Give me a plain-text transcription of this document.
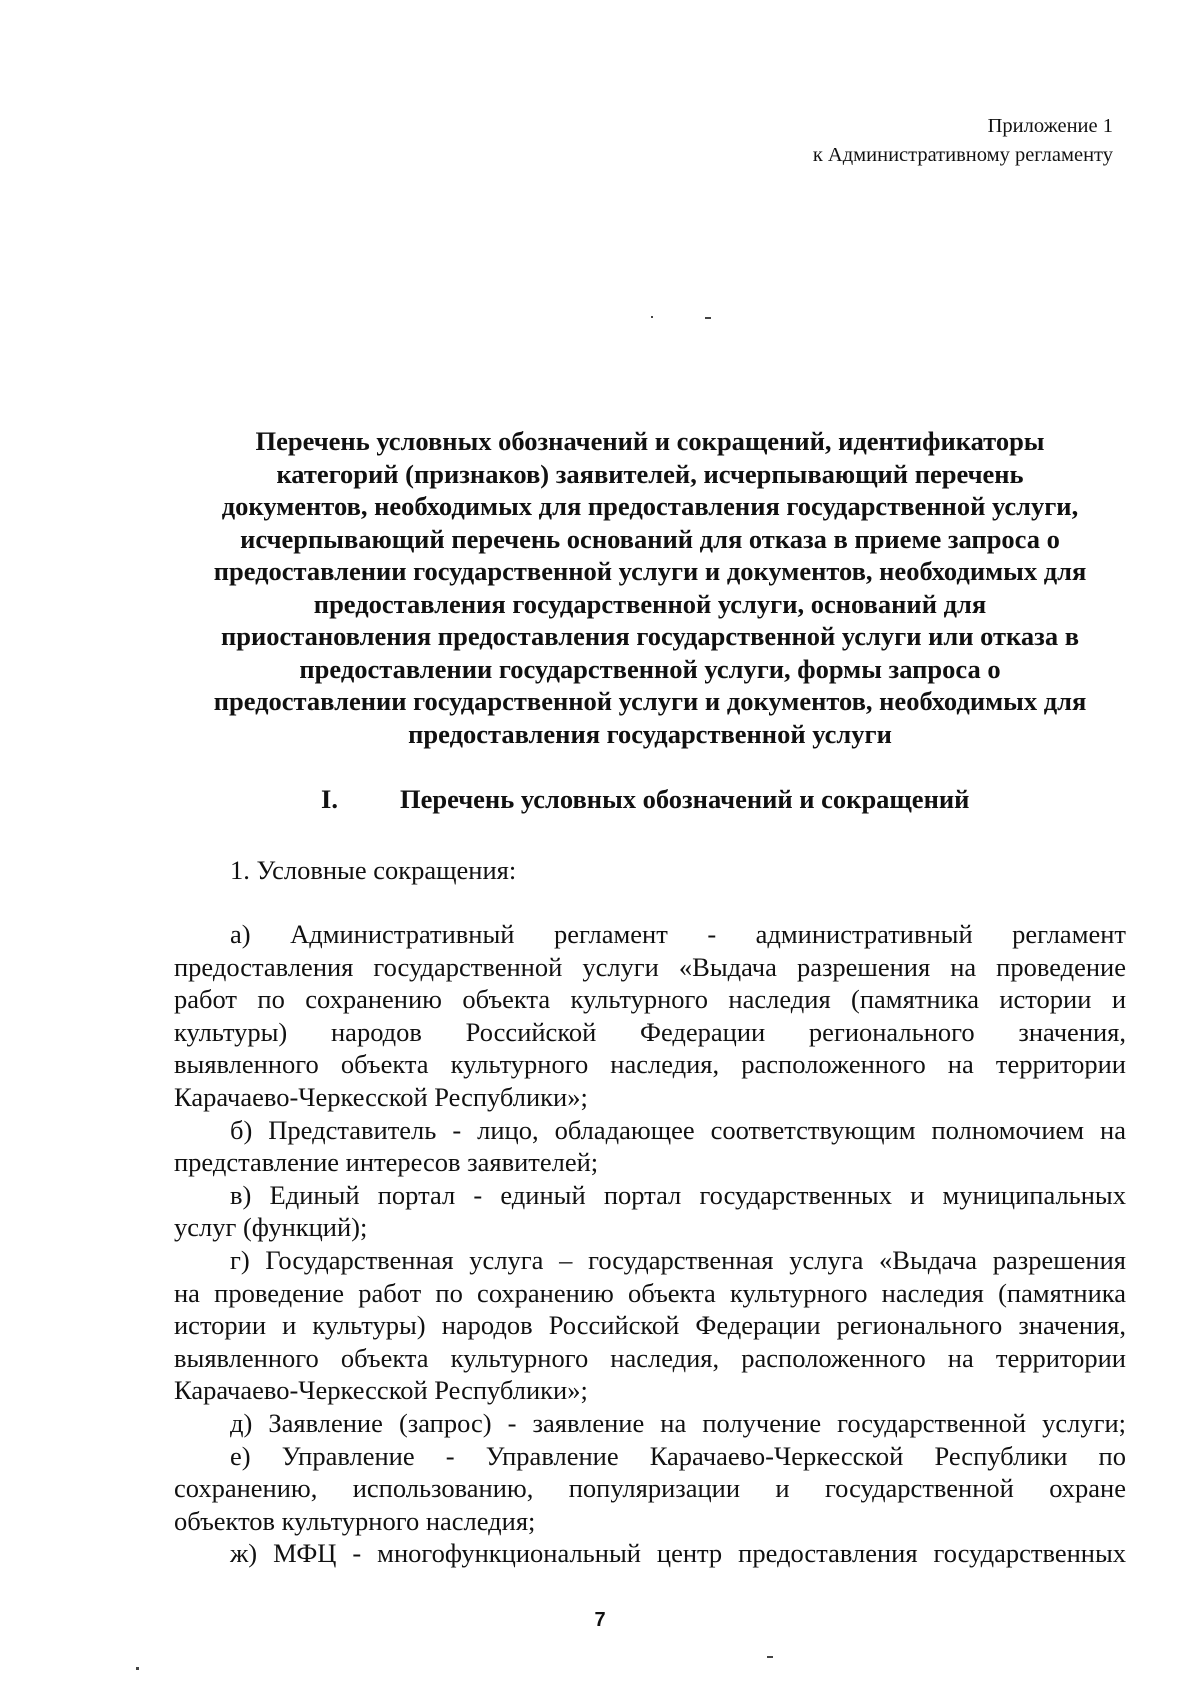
Приложение 1
к Административному регламенту
Перечень условных обозначений и сокращений, идентификаторы
категорий (признаков) заявителей, исчерпывающий перечень
документов, необходимых для предоставления государственной услуги,
исчерпывающий перечень оснований для отказа в приеме запроса о
предоставлении государственной услуги и документов, необходимых для
предоставления государственной услуги, оснований для
приостановления предоставления государственной услуги или отказа в
предоставлении государственной услуги, формы запроса о
предоставлении государственной услуги и документов, необходимых для
предоставления государственной услуги
I. Перечень условных обозначений и сокращений
1. Условные сокращения:
а) Административный регламент - административный регламент
предоставления государственной услуги «Выдача разрешения на проведение
работ по сохранению объекта культурного наследия (памятника истории и
культуры) народов Российской Федерации регионального значения,
выявленного объекта культурного наследия, расположенного на территории
Карачаево-Черкесской Республики»;
б) Представитель - лицо, обладающее соответствующим полномочием на
представление интересов заявителей;
в) Единый портал - единый портал государственных и муниципальных
услуг (функций);
г) Государственная услуга – государственная услуга «Выдача разрешения
на проведение работ по сохранению объекта культурного наследия (памятника
истории и культуры) народов Российской Федерации регионального значения,
выявленного объекта культурного наследия, расположенного на территории
Карачаево-Черкесской Республики»;
д) Заявление (запрос) - заявление на получение государственной услуги;
е) Управление - Управление Карачаево-Черкесской Республики по
сохранению, использованию, популяризации и государственной охране
объектов культурного наследия;
ж) МФЦ - многофункциональный центр предоставления государственных
7
